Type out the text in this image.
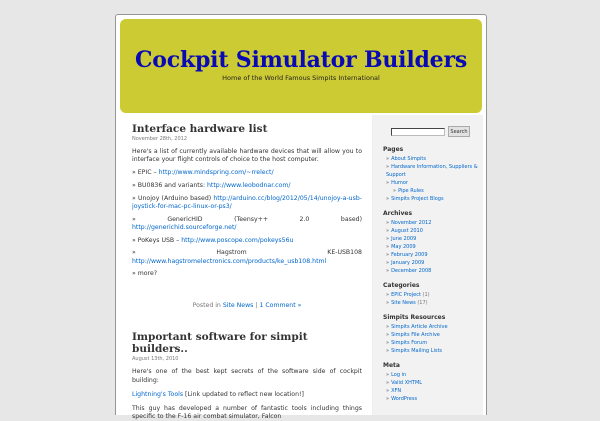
Cockpit Simulator Builders
Home of the World Famous Simpits International
Interface hardware list
November 28th, 2012

Here's a list of currently available hardware devices that will allow you to interface your flight controls of choice to the host computer.

» EPIC – http://www.mindspring.com/~rrelect/
» BU0836 and variants: http://www.leobodnar.com/
» Unojoy (Arduino based) http://arduino.cc/blog/2012/05/14/unojoy-a-usb-joystick-for-mac-pc-linux-or-ps3/
»	GenericHID	(Teensy++	2.0	based)
http://generichid.sourceforge.net/
» PoKeys USB – http://www.poscope.com/pokeys56u
»	Hagstrom	KE-USB108
http://www.hagstromelectronics.com/products/ke_usb108.html
» more?
Posted in Site News | 1 Comment »
Important software for simpit builders..
August 13th, 2010

Here's one of the best kept secrets of the software side of cockpit building:

Lightning's Tools [Link updated to reflect new location!]

This guy has developed a number of fantastic tools including things specific to the F-16 air combat simulator, Falcon

Search
Pages
» About Simpits
» Hardware Information, Suppliers & Support
» Humor
» Pipe Rules
» Simpits Project Blogs
Archives
» November 2012
» August 2010
» June 2009
» May 2009
» February 2009
» January 2009
» December 2008
Categories
» EPIC Project (1)
» Site News (17)
Simpits Resources
» Simpits Article Archive
» Simpits File Archive
» Simpits Forum
» Simpits Mailing Lists
Meta
» Log in
» Valid XHTML
» XFN
» WordPress
